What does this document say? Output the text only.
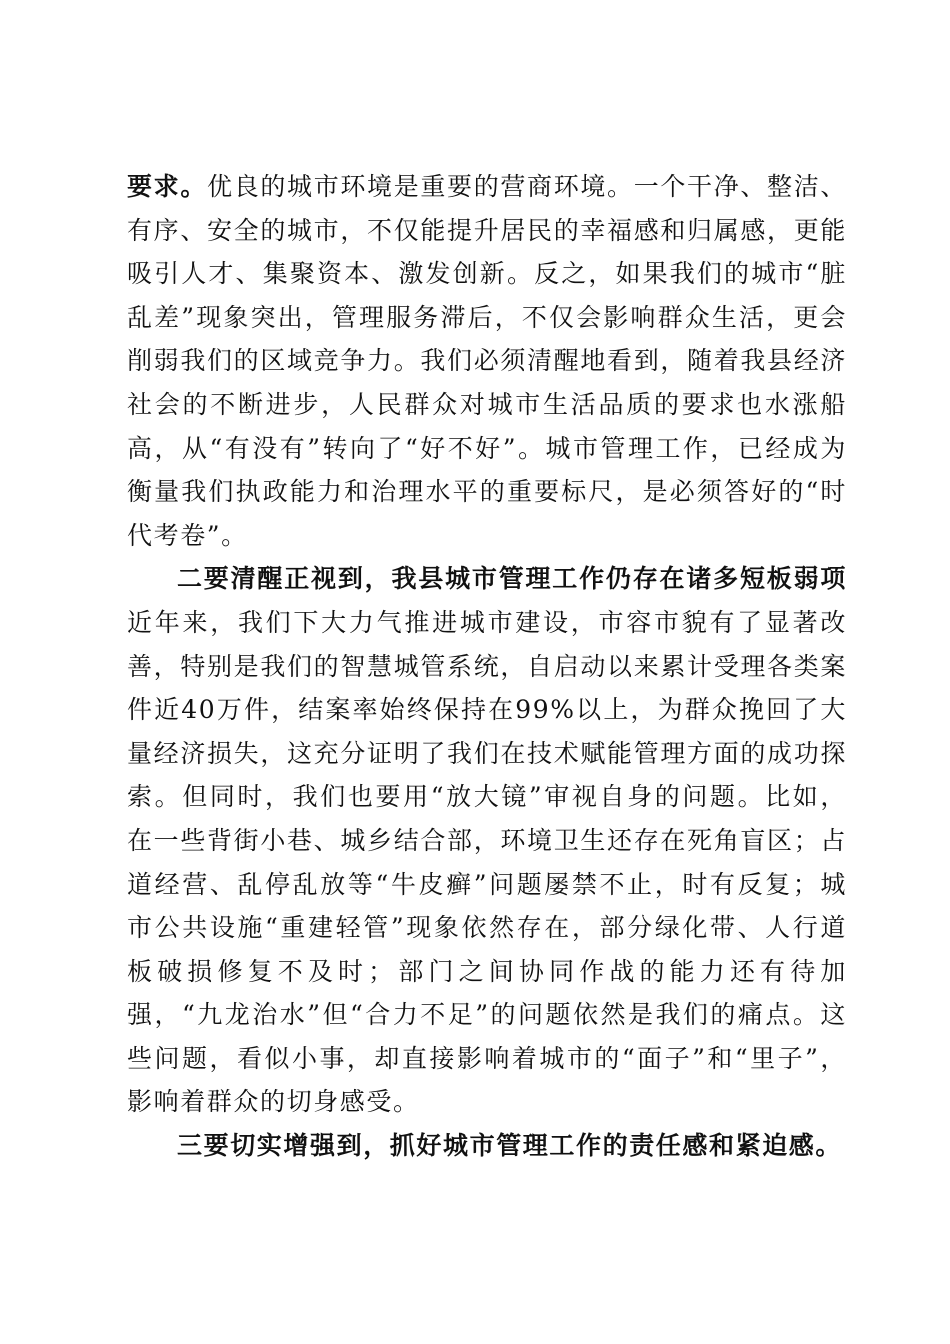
要求。优良的城市环境是重要的营商环境。一个干净、整洁、有序、安全的城市，不仅能提升居民的幸福感和归属感，更能吸引人才、集聚资本、激发创新。反之，如果我们的城市“脏乱差”现象突出，管理服务滞后，不仅会影响群众生活，更会削弱我们的区域竞争力。我们必须清醒地看到，随着我县经济社会的不断进步，人民群众对城市生活品质的要求也水涨船高，从“有没有”转向了“好不好”。城市管理工作，已经成为衡量我们执政能力和治理水平的重要标尺，是必须答好的“时代考卷”。

二要清醒正视到，我县城市管理工作仍存在诸多短板弱项近年来，我们下大力气推进城市建设，市容市貌有了显著改善，特别是我们的智慧城管系统，自启动以来累计受理各类案件近40万件，结案率始终保持在99%以上，为群众挽回了大量经济损失，这充分证明了我们在技术赋能管理方面的成功探索。但同时，我们也要用“放大镜”审视自身的问题。比如，在一些背街小巷、城乡结合部，环境卫生还存在死角盲区；占道经营、乱停乱放等“牛皮癣”问题屡禁不止，时有反复；城市公共设施“重建轻管”现象依然存在，部分绿化带、人行道板破损修复不及时；部门之间协同作战的能力还有待加强，“九龙治水”但“合力不足”的问题依然是我们的痛点。这些问题，看似小事，却直接影响着城市的“面子”和“里子”，影响着群众的切身感受。

三要切实增强到，抓好城市管理工作的责任感和紧迫感。
